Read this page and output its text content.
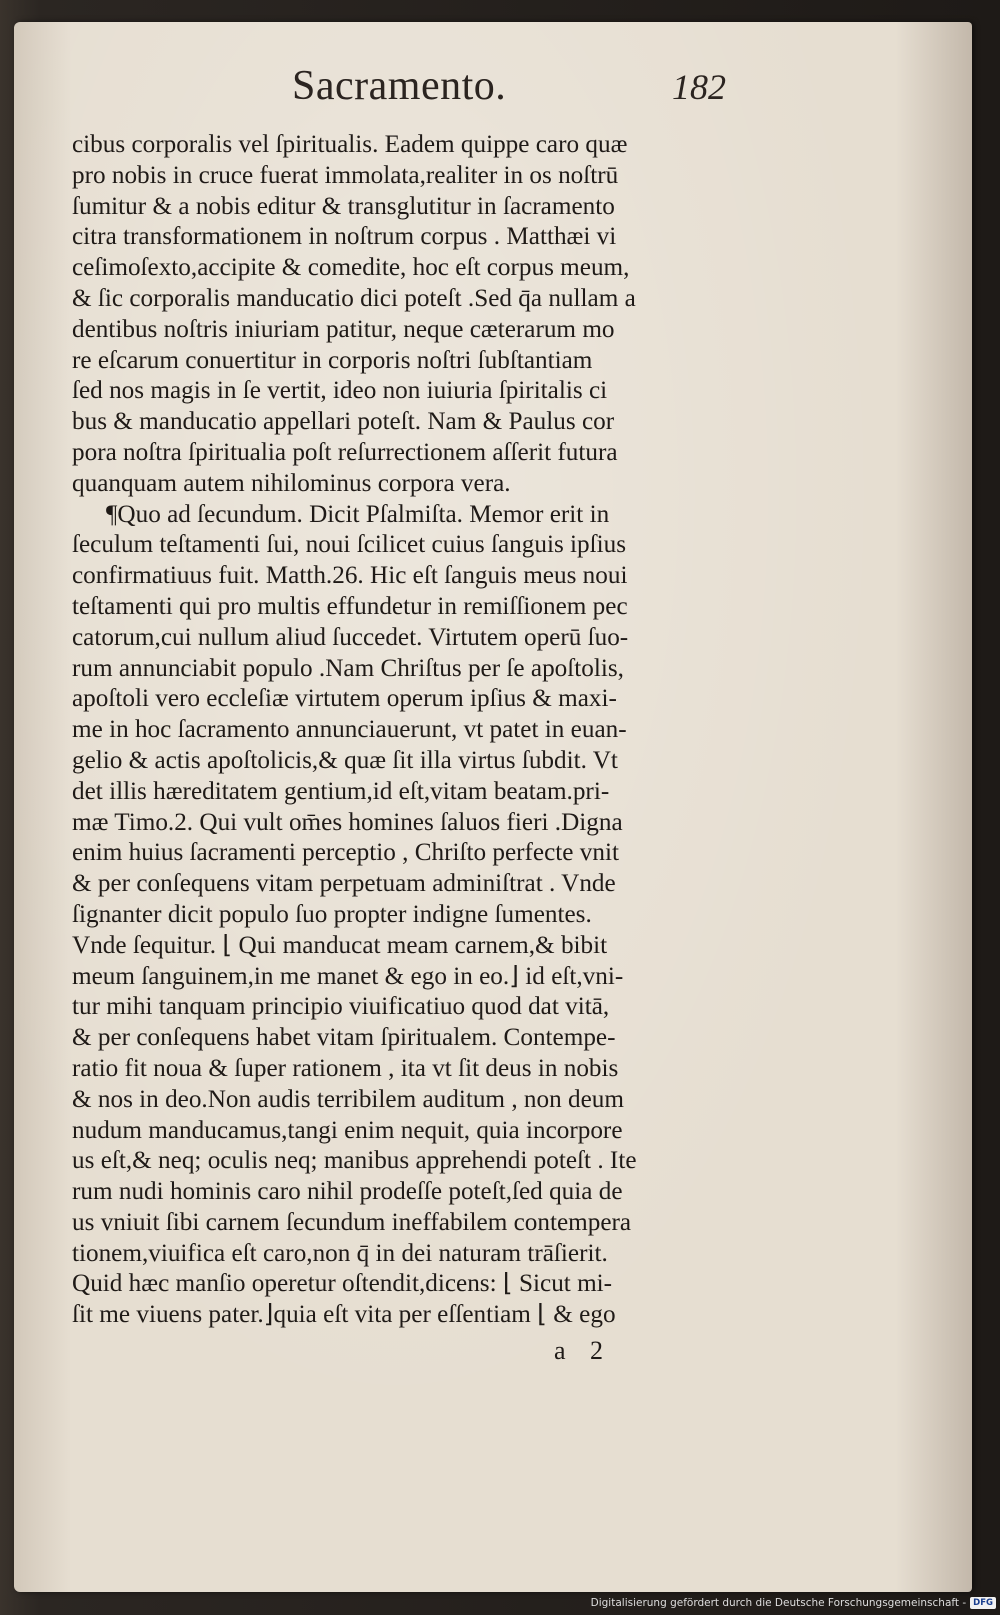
Sacramento.	182
cibus corporalis vel ſpiritualis. Eadem quippe caro quæ
pro nobis in cruce fuerat immolata,realiter in os noſtrū
ſumitur & a nobis editur & transglutitur in ſacramento
citra transformationem in noſtrum corpus . Matthæi vi
ceſimoſexto,accipite & comedite, hoc eſt corpus meum,
& ſic corporalis manducatio dici poteſt .Sed q̄a nullam a
dentibus noſtris iniuriam patitur, neque cæterarum mo
re eſcarum conuertitur in corporis noſtri ſubſtantiam
ſed nos magis in ſe vertit, ideo non iuiuria ſpiritalis ci
bus & manducatio appellari poteſt. Nam & Paulus cor
pora noſtra ſpiritualia poſt reſurrectionem aſſerit futura
quanquam autem nihilominus corpora vera.
¶Quo ad ſecundum. Dicit Pſalmiſta. Memor erit in
ſeculum teſtamenti ſui, noui ſcilicet cuius ſanguis ipſius
confirmatiuus fuit. Matth.26. Hic eſt ſanguis meus noui
teſtamenti qui pro multis effundetur in remiſſionem pec
catorum,cui nullum aliud ſuccedet. Virtutem operū ſuo-
rum annunciabit populo .Nam Chriſtus per ſe apoſtolis,
apoſtoli vero eccleſiæ virtutem operum ipſius & maxi-
me in hoc ſacramento annunciauerunt, vt patet in euan-
gelio & actis apoſtolicis,& quæ ſit illa virtus ſubdit. Vt
det illis hæreditatem gentium,id eſt,vitam beatam.pri-
mæ Timo.2. Qui vult om̄es homines ſaluos fieri .Digna
enim huius ſacramenti perceptio , Chriſto perfecte vnit
& per conſequens vitam perpetuam adminiſtrat . Vnde
ſignanter dicit populo ſuo propter indigne ſumentes.
Vnde ſequitur. ⌊ Qui manducat meam carnem,& bibit
meum ſanguinem,in me manet & ego in eo.⌋ id eſt,vni-
tur mihi tanquam principio viuificatiuo quod dat vitā,
& per conſequens habet vitam ſpiritualem. Contempe-
ratio fit noua & ſuper rationem , ita vt ſit deus in nobis
& nos in deo.Non audis terribilem auditum , non deum
nudum manducamus,tangi enim nequit, quia incorpore
us eſt,& neq; oculis neq; manibus apprehendi poteſt . Ite
rum nudi hominis caro nihil prodeſſe poteſt,ſed quia de
us vniuit ſibi carnem ſecundum ineffabilem contempera
tionem,viuifica eſt caro,non q̄ in dei naturam trāſierit.
Quid hæc manſio operetur oſtendit,dicens: ⌊ Sicut mi-
ſit me viuens pater.⌋quia eſt vita per eſſentiam ⌊ & ego
a 2
Digitalisierung gefördert durch die Deutsche Forschungsgemeinschaft - DFG
